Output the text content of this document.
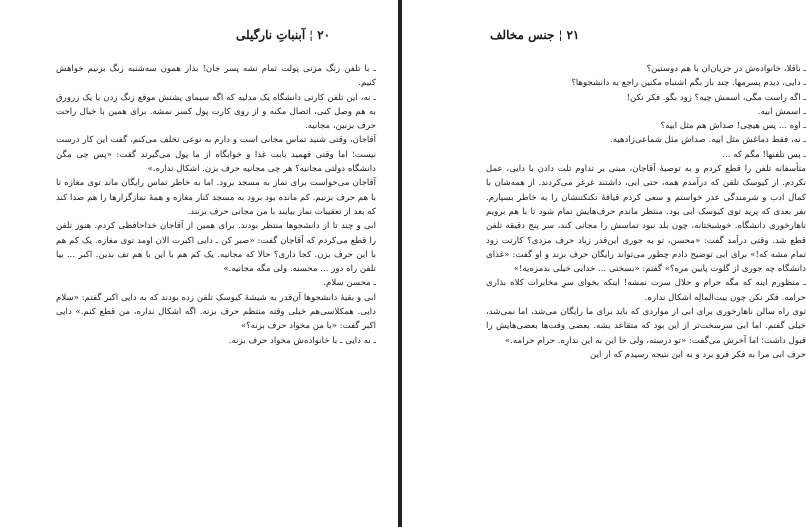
۲۰¦آبنباتِ نارگیلی

ـ با تلفن زنگ مزنی پولت تمام نشه پسر جان! بذار همون سه‌شنبه زنگ بزنیم خواهش کنیم.

ـ نه، این تلفن کارتی دانشگاه یک مدلیه که اگه سیمای پشتش موقع زنگ زدن با یک زرورق به هم وصل کنی، اتصال مکنه و از روی کارت پول کسر نمشه. برای همین با خیال راحت حرف بزنین، مجانیه.

آقاجان، وقتی شنید تماس مجانی است و دارم به نوعی تخلف می‌کنم، گفت این کار درست نیست؛ اما وقتی فهمید بابت غذا و خوابگاه از ما پول می‌گیرند گفت: «پس چی مگن دانشگاه دولتی مجانیه؟ هر چی مجانیه حرف بزن. اشکال نداره.»

آقاجان می‌خواست برای نماز به مسجد برود. اما به خاطر تماس رایگان ماند توی مغازه تا با هم حرف بزنیم. کم مانده بود برود به مسجد کنار مغازه و همهٔ نمازگزارها را هم صدا کند که بعد از تعقیبات نماز بیایند با من مجانی حرف بزنند.

ابی و چند تا از دانشجوها منتظر بودند. برای همین از آقاجان خداحافظی کردم. هنوز تلفن را قطع می‌کردم که آقاجان گفت: «صبر کن ـ دایی اکبرت الان اومد توی مغازه. یک کم هم با این حرف بزن. کجا داری؟ حالا که مجانیه. یک کم هم با این با هم تف بدین. اکبر ... بیا تلفن راه دور ... محسنه. ولی مگه مجانیه.»

ـ محسن سلام.

ابی و بقیهٔ دانشجوها آن‌قدر به شیشهٔ کیوسک تلفن زده بودند که به دایی اکبر گفتم: «سلام دایی. همکلاسی‌هم خیلی وقته منتظم حرف بزنه. اگه اشکال نداره، من قطع کنم.» دایی اکبر گفت: «با من مخواد حرف بزنه؟»

ـ نه دایی ـ با خانواده‌ش مخواد حرف بزنه.

۲۱¦جنس مخالف

ـ ناقلا، خانواده‌ش در جریان‌ان با هم دوستین؟

ـ دایی، دیدم پسرمها. چند بار بگم اشتباه مکنین راجع به دانشجوها؟

ـ اگه راست مگی، اسمش چیه؟ زود بگو. فکر نکن!

ـ اسمش ابیه.

ـ اوه ... پس هیچی! صداش هم مثل ابیه؟

ـ نه، فقط دماغش مثل ابیه. صداش مثل شماعی‌زادهیه.

ـ پس تلفنها! مگم که ...

متأسفانه تلفن را قطع کردم و به توصیهٔ آقاجان، مبنی بر تداوم تلت دادن با دایی، عمل نکردم. از کیوسک تلفن که درآمدم همه، حتی ابی، داشتند غرغر می‌کردند. از همه‌شان با کمال ادب و شرمندگی عذر خواستم و سعی کردم قیافهٔ تکنکتنشان را به خاطر بسپارم. نفر بعدی که پرید توی کیوسک ابی بود. منتظر ماندم حرف‌هایش تمام شود تا با هم برویم ناهارخوری دانشگاه. خوشبختانه، چون بلد نبود تماسش را مجانی کند، سر پنج دقیقه تلفن قطع شد. وقتی درآمد گفت: «محسن، تو یه جوری این‌قدر زیاد حرف مزدی؟ کارتت زود تمام مشه که!» برای ابی توضیح دادم چطور می‌تواند رایگان حرف بزند و او گفت: «غذای دانشگاه چه جوری از گلوت پایین مره؟» گفتم: «بسختی ... خدایی خیلی بدمزه‌یه!»

ـ منظورم اینه که مگه حرام و حلال سرت نمشه! اینکه بخوای سرِ مخابرات کلاه بذاری حرامه. فکر نکن چون بیت‌المالِه اشکال نداره.

توی راه سالن ناهارخوری برای ابی از مواردی که باید برای ما رایگان می‌شد، اما نمی‌شد، خیلی گفتم. اما ابی سرسخت‌تر از این بود که متقاعد بشه. بعضی وقت‌ها بعضی‌هایش را قبول داشت؛ اما آخرش می‌گفت: «تو درسته، ولی خا این به این ندارِه. حرام حرامه.»

حرف ابی مرا به فکر فرو برد و به این نتیجه رسیدم که از این
